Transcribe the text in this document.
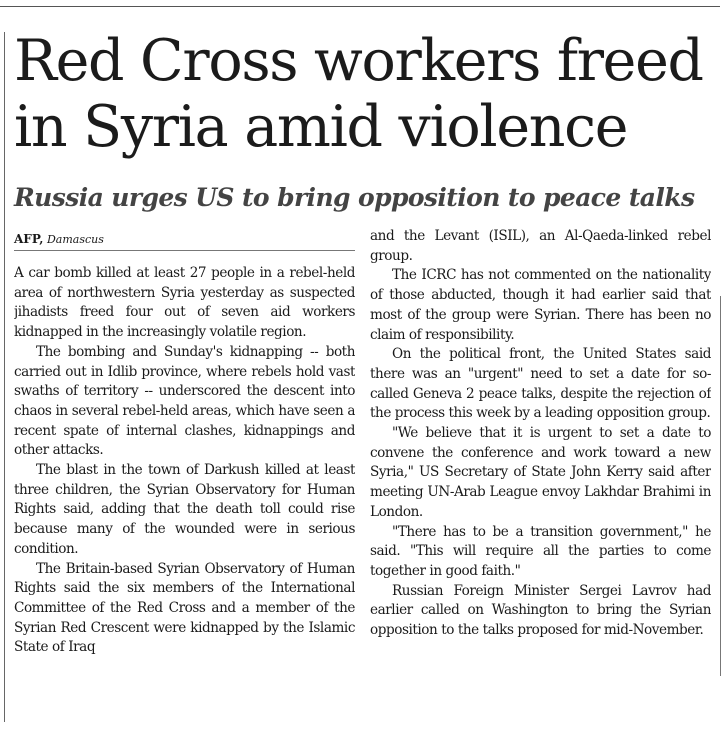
Red Cross workers freed in Syria amid violence
Russia urges US to bring opposition to peace talks
AFP, Damascus

A car bomb killed at least 27 people in a rebel-held area of northwestern Syria yesterday as suspected jihadists freed four out of seven aid workers kidnapped in the increasingly volatile region.

The bombing and Sunday's kidnapping -- both carried out in Idlib province, where rebels hold vast swaths of territory -- underscored the descent into chaos in several rebel-held areas, which have seen a recent spate of internal clashes, kidnappings and other attacks.

The blast in the town of Darkush killed at least three children, the Syrian Observatory for Human Rights said, adding that the death toll could rise because many of the wounded were in serious condition.

The Britain-based Syrian Observatory of Human Rights said the six members of the International Committee of the Red Cross and a member of the Syrian Red Crescent were kidnapped by the Islamic State of Iraq

and the Levant (ISIL), an Al-Qaeda-linked rebel group.

The ICRC has not commented on the nationality of those abducted, though it had earlier said that most of the group were Syrian. There has been no claim of responsibility.

On the political front, the United States said there was an "urgent" need to set a date for so-called Geneva 2 peace talks, despite the rejection of the process this week by a leading opposition group.

"We believe that it is urgent to set a date to convene the conference and work toward a new Syria," US Secretary of State John Kerry said after meeting UN-Arab League envoy Lakhdar Brahimi in London.

"There has to be a transition government," he said. "This will require all the parties to come together in good faith."

Russian Foreign Minister Sergei Lavrov had earlier called on Washington to bring the Syrian opposition to the talks proposed for mid-November.
